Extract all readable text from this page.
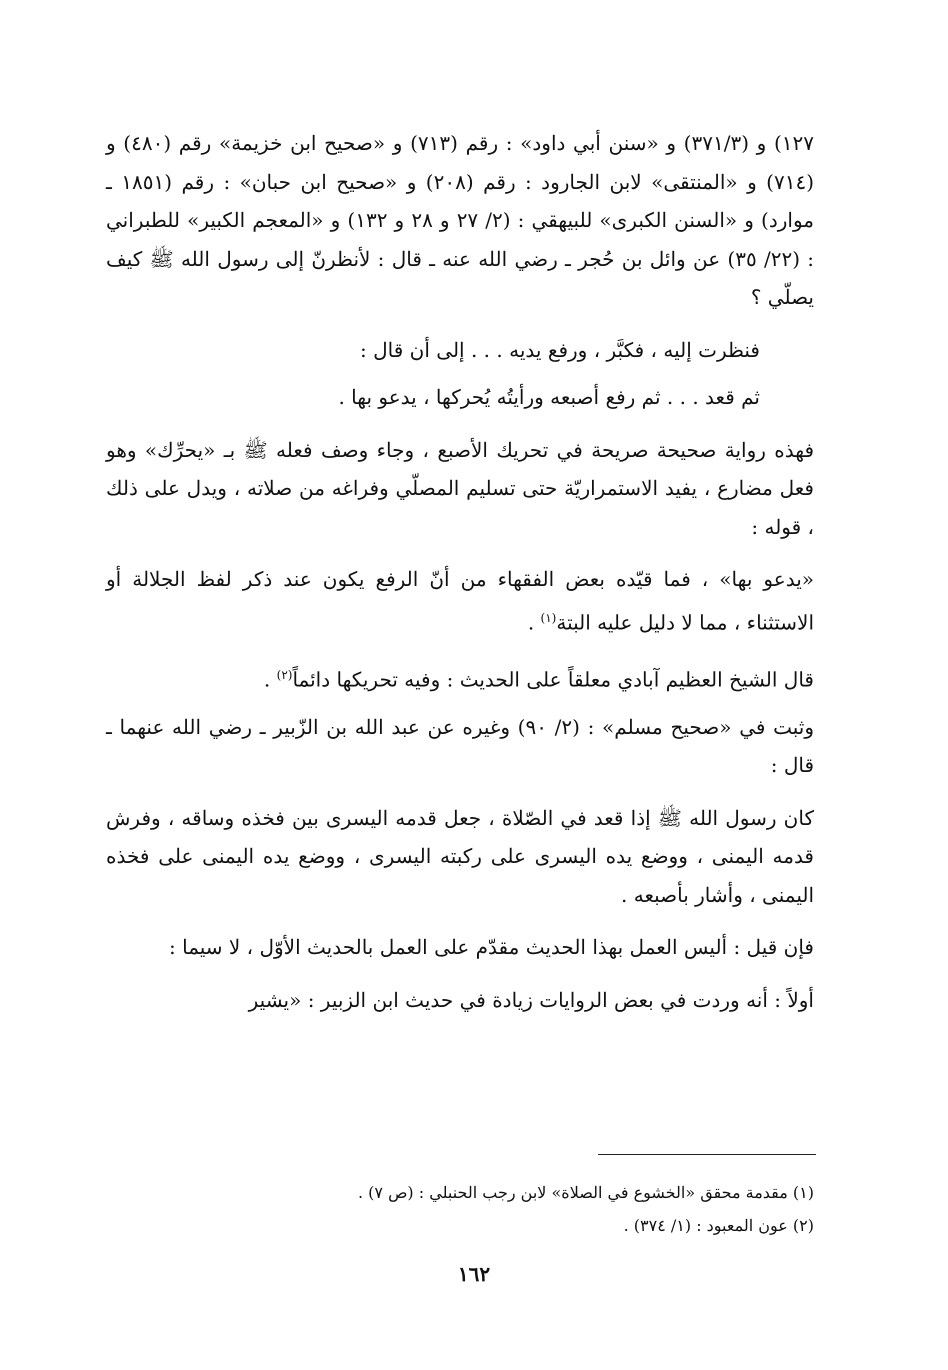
١٢٧) و (٣٧١/٣) و «سنن أبي داود» : رقم (٧١٣) و «صحيح ابن خزيمة» رقم (٤٨٠) و (٧١٤) و «المنتقى» لابن الجارود : رقم (٢٠٨) و «صحيح ابن حبان» : رقم (١٨٥١ ـ موارد) و «السنن الكبرى» للبيهقي : (٢/ ٢٧ و ٢٨ و ١٣٢) و «المعجم الكبير» للطبراني : (٢٢/ ٣٥) عن وائل بن حُجر ـ رضي الله عنه ـ قال : لأنظرنّ إلى رسول الله ﷺ كيف يصلّي ؟

فنظرت إليه ، فكبَّر ، ورفع يديه . . . إلى أن قال :

ثم قعد . . . ثم رفع أصبعه ورأيتُه يُحركها ، يدعو بها .

فهذه رواية صحيحة صريحة في تحريك الأصبع ، وجاء وصف فعله ﷺ بـ «يحرِّك» وهو فعل مضارع ، يفيد الاستمراريّة حتى تسليم المصلّي وفراغه من صلاته ، ويدل على ذلك ، قوله :

«يدعو بها» ، فما قيّده بعض الفقهاء من أنّ الرفع يكون عند ذكر لفظ الجلالة أو الاستثناء ، مما لا دليل عليه البتة$^{(١)}$ .

قال الشيخ العظيم آبادي معلقاً على الحديث : وفيه تحريكها دائماً$^{(٢)}$ .

وثبت في «صحيح مسلم» : (٢/ ٩٠) وغيره عن عبد الله بن الزّبير ـ رضي الله عنهما ـ قال :

كان رسول الله ﷺ إذا قعد في الصّلاة ، جعل قدمه اليسرى بين فخذه وساقه ، وفرش قدمه اليمنى ، ووضع يده اليسرى على ركبته اليسرى ، ووضع يده اليمنى على فخذه اليمنى ، وأشار بأصبعه .

فإن قيل : أليس العمل بهذا الحديث مقدّم على العمل بالحديث الأوّل ، لا سيما :

أولاً : أنه وردت في بعض الروايات زيادة في حديث ابن الزبير : «يشير

(١) مقدمة محقق «الخشوع في الصلاة» لابن رجب الحنبلي : (ص ٧) .

(٢) عون المعبود : (١/ ٣٧٤) .

١٦٢
